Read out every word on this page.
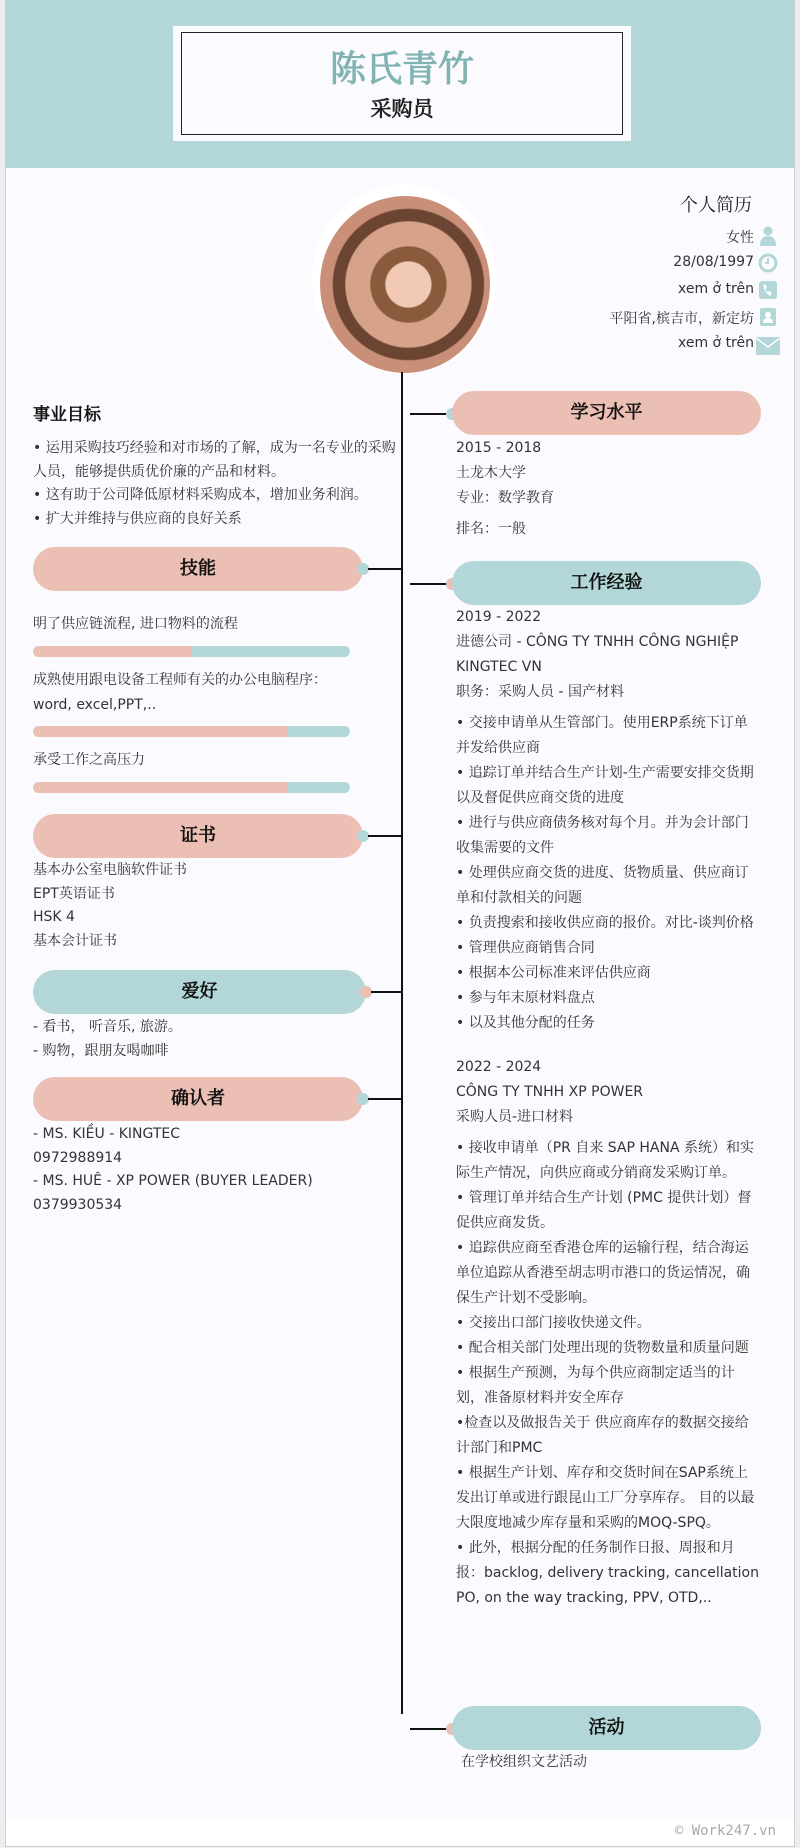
陈氏青竹
采购员
个人简历
女性
28/08/1997
xem ở trên
平阳省,槟吉市，新定坊
xem ở trên
事业目标
• 运用采购技巧经验和对市场的了解，成为一名专业的采购人员，能够提供质优价廉的产品和材料。
• 这有助于公司降低原材料采购成本，增加业务利润。
• 扩大并维持与供应商的良好关系
技能
明了供应链流程, 进口物料的流程
成熟使用跟电设备工程师有关的办公电脑程序：word, excel,PPT,..
承受工作之高压力
证书
基本办公室电脑软件证书
EPT英语证书
HSK 4
基本会计证书
爱好
- 看书， 听音乐, 旅游。
- 购物，跟朋友喝咖啡
确认者
- MS. KIỀU - KINGTEC
0972988914
- MS. HUÊ - XP POWER (BUYER LEADER)
0379930534
学习水平

2015 - 2018

土龙木大学

专业：数学教育

排名：一般

工作经验

2019 - 2022

进德公司 - CÔNG TY TNHH CÔNG NGHIỆP KINGTEC VN

职务：采购人员 - 国产材料

• 交接申请单从生管部门。使用ERP系统下订单并发给供应商

• 追踪订单并结合生产计划-生产需要安排交货期以及督促供应商交货的进度

• 进行与供应商债务核对每个月。并为会计部门收集需要的文件

• 处理供应商交货的进度、货物质量、供应商订单和付款相关的问题

• 负责搜索和接收供应商的报价。对比-谈判价格

• 管理供应商销售合同

• 根据本公司标准来评估供应商

• 参与年末原材料盘点

• 以及其他分配的任务

2022 - 2024

CÔNG TY TNHH XP POWER

采购人员-进口材料

• 接收申请单（PR 自来 SAP HANA 系统）和实际生产情况，向供应商或分销商发采购订单。

• 管理订单并结合生产计划 (PMC 提供计划）督促供应商发货。

• 追踪供应商至香港仓库的运输行程，结合海运单位追踪从香港至胡志明市港口的货运情况，确保生产计划不受影响。

• 交接出口部门接收快递文件。

• 配合相关部门处理出现的货物数量和质量问题

• 根据生产预测，为每个供应商制定适当的计划，准备原材料并安全库存

•检查以及做报告关于 供应商库存的数据交接给计部门和PMC

• 根据生产计划、库存和交货时间在SAP系统上发出订单或进行跟昆山工厂分享库存。 目的以最大限度地减少库存量和采购的MOQ-SPQ。

• 此外，根据分配的任务制作日报、周报和月报：backlog, delivery tracking, cancellation PO, on the way tracking, PPV, OTD,..

活动

在学校组织文艺活动

© Work247.vn
